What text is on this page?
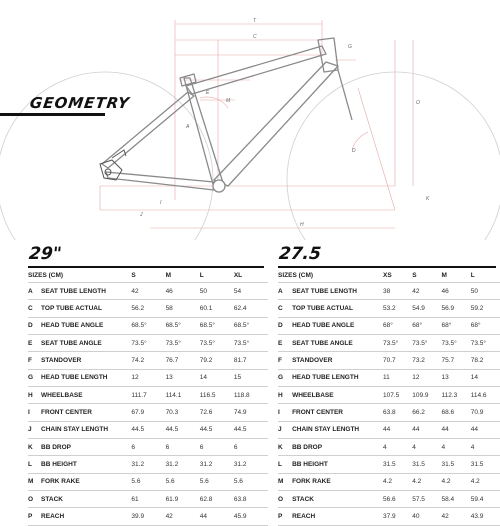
T
C
M
A
E
D
G
O
K
I
H
J
GEOMETRY
29"
SIZES (CM)		S	M	L	XL
A	SEAT TUBE LENGTH	42	46	50	54
C	TOP TUBE ACTUAL	56.2	58	60.1	62.4
D	HEAD TUBE ANGLE	68.5°	68.5°	68.5°	68.5°
E	SEAT TUBE ANGLE	73.5°	73.5°	73.5°	73.5°
F	STANDOVER	74.2	76.7	79.2	81.7
G	HEAD TUBE LENGTH	12	13	14	15
H	WHEELBASE	111.7	114.1	116.5	118.8
I	FRONT CENTER	67.9	70.3	72.6	74.9
J	CHAIN STAY LENGTH	44.5	44.5	44.5	44.5
K	BB DROP	6	6	6	6
L	BB HEIGHT	31.2	31.2	31.2	31.2
M	FORK RAKE	5.6	5.6	5.6	5.6
O	STACK	61	61.9	62.8	63.8
P	REACH	39.9	42	44	45.9
27.5
SIZES (CM)		XS	S	M	L
A	SEAT TUBE LENGTH	38	42	46	50
C	TOP TUBE ACTUAL	53.2	54.9	56.9	59.2
D	HEAD TUBE ANGLE	68°	68°	68°	68°
E	SEAT TUBE ANGLE	73.5°	73.5°	73.5°	73.5°
F	STANDOVER	70.7	73.2	75.7	78.2
G	HEAD TUBE LENGTH	11	12	13	14
H	WHEELBASE	107.5	109.9	112.3	114.6
I	FRONT CENTER	63.8	66.2	68.6	70.9
J	CHAIN STAY LENGTH	44	44	44	44
K	BB DROP	4	4	4	4
L	BB HEIGHT	31.5	31.5	31.5	31.5
M	FORK RAKE	4.2	4.2	4.2	4.2
O	STACK	56.6	57.5	58.4	59.4
P	REACH	37.9	40	42	43.9
